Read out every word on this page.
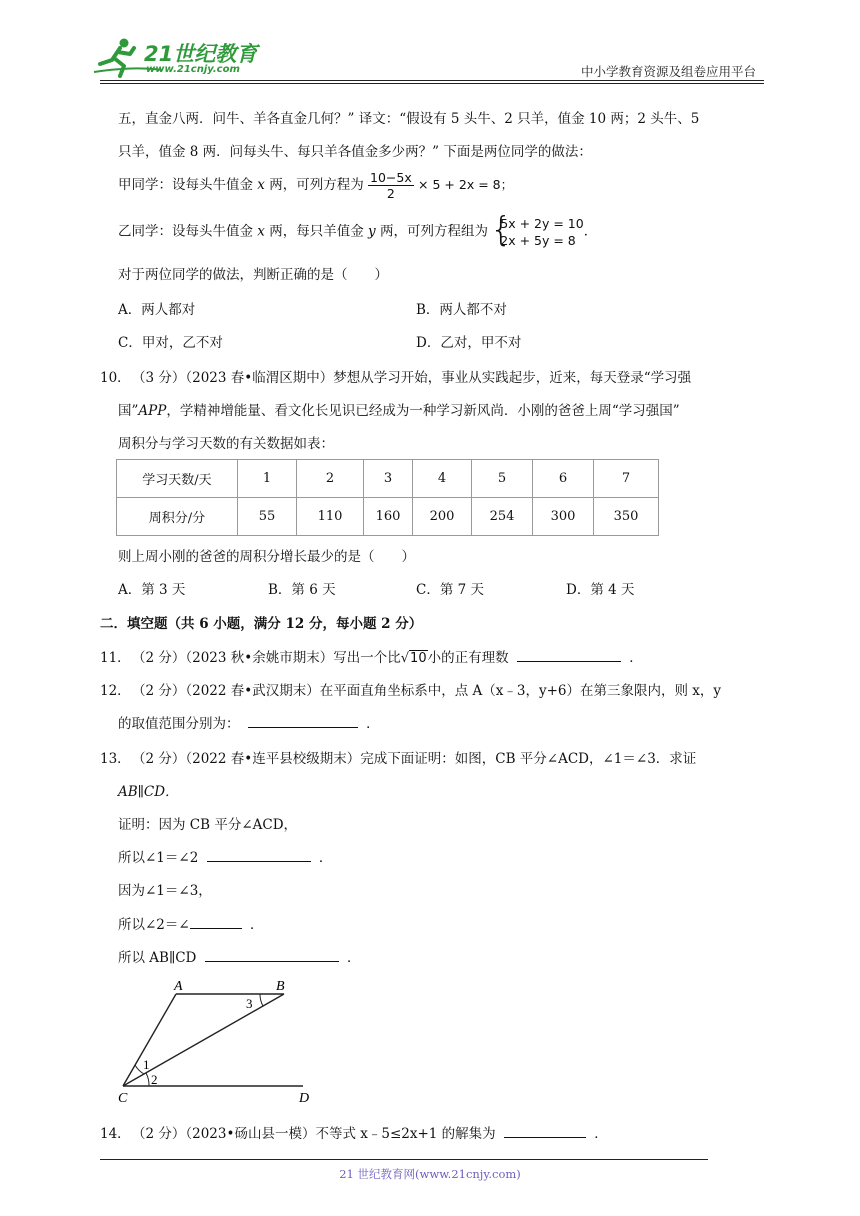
21世纪教育
www.21cnjy.com	中小学教育资源及组卷应用平台
五，直金八两．问牛、羊各直金几何？” 译文：“假设有 5 头牛、2 只羊，值金 10 两；2 头牛、5
只羊，值金 8 两．问每头牛、每只羊各值金多少两？” 下面是两位同学的做法：
甲同学：设每头牛值金 x 两，可列方程为 $\frac{10-5x}{2} \times 5 + 2x = 8$；
乙同学：设每头牛值金 x 两，每只羊值金 y 两，可列方程组为 { 5x + 2y = 10
2x + 5y = 8
．
对于两位同学的做法，判断正确的是（　　）
A．两人都对	B．两人都不对
C．甲对，乙不对	D．乙对，甲不对
10． （3 分）（2023 春•临渭区期中）梦想从学习开始，事业从实践起步，近来，每天登录“学习强
国”APP，学精神增能量、看文化长见识已经成为一种学习新风尚．小刚的爸爸上周“学习强国”
周积分与学习天数的有关数据如表：
学习天数/天	1	2	3	4	5	6	7
周积分/分	55	110	160	200	254	300	350
则上周小刚的爸爸的周积分增长最少的是（　　）
A．第 3 天	B．第 6 天	C．第 7 天	D．第 4 天
二．填空题（共 6 小题，满分 12 分，每小题 2 分）
11． （2 分）（2023 秋•余姚市期末）写出一个比√10小的正有理数	．
12． （2 分）（2022 春•武汉期末）在平面直角坐标系中，点 A（x﹣3，y+6）在第三象限内，则 x，y
的取值范围分别为：	．
13． （2 分）（2022 春•连平县校级期末）完成下面证明：如图，CB 平分∠ACD，∠1＝∠3．求证
AB∥CD．
证明：因为 CB 平分∠ACD，
所以∠1＝∠2	．
因为∠1＝∠3，
所以∠2＝∠	．
所以 AB∥CD	．
A	B
C	D
1
2
3
14． （2 分）（2023•砀山县一模）不等式 x﹣5≤2x+1 的解集为	．
21 世纪教育网(www.21cnjy.com)
